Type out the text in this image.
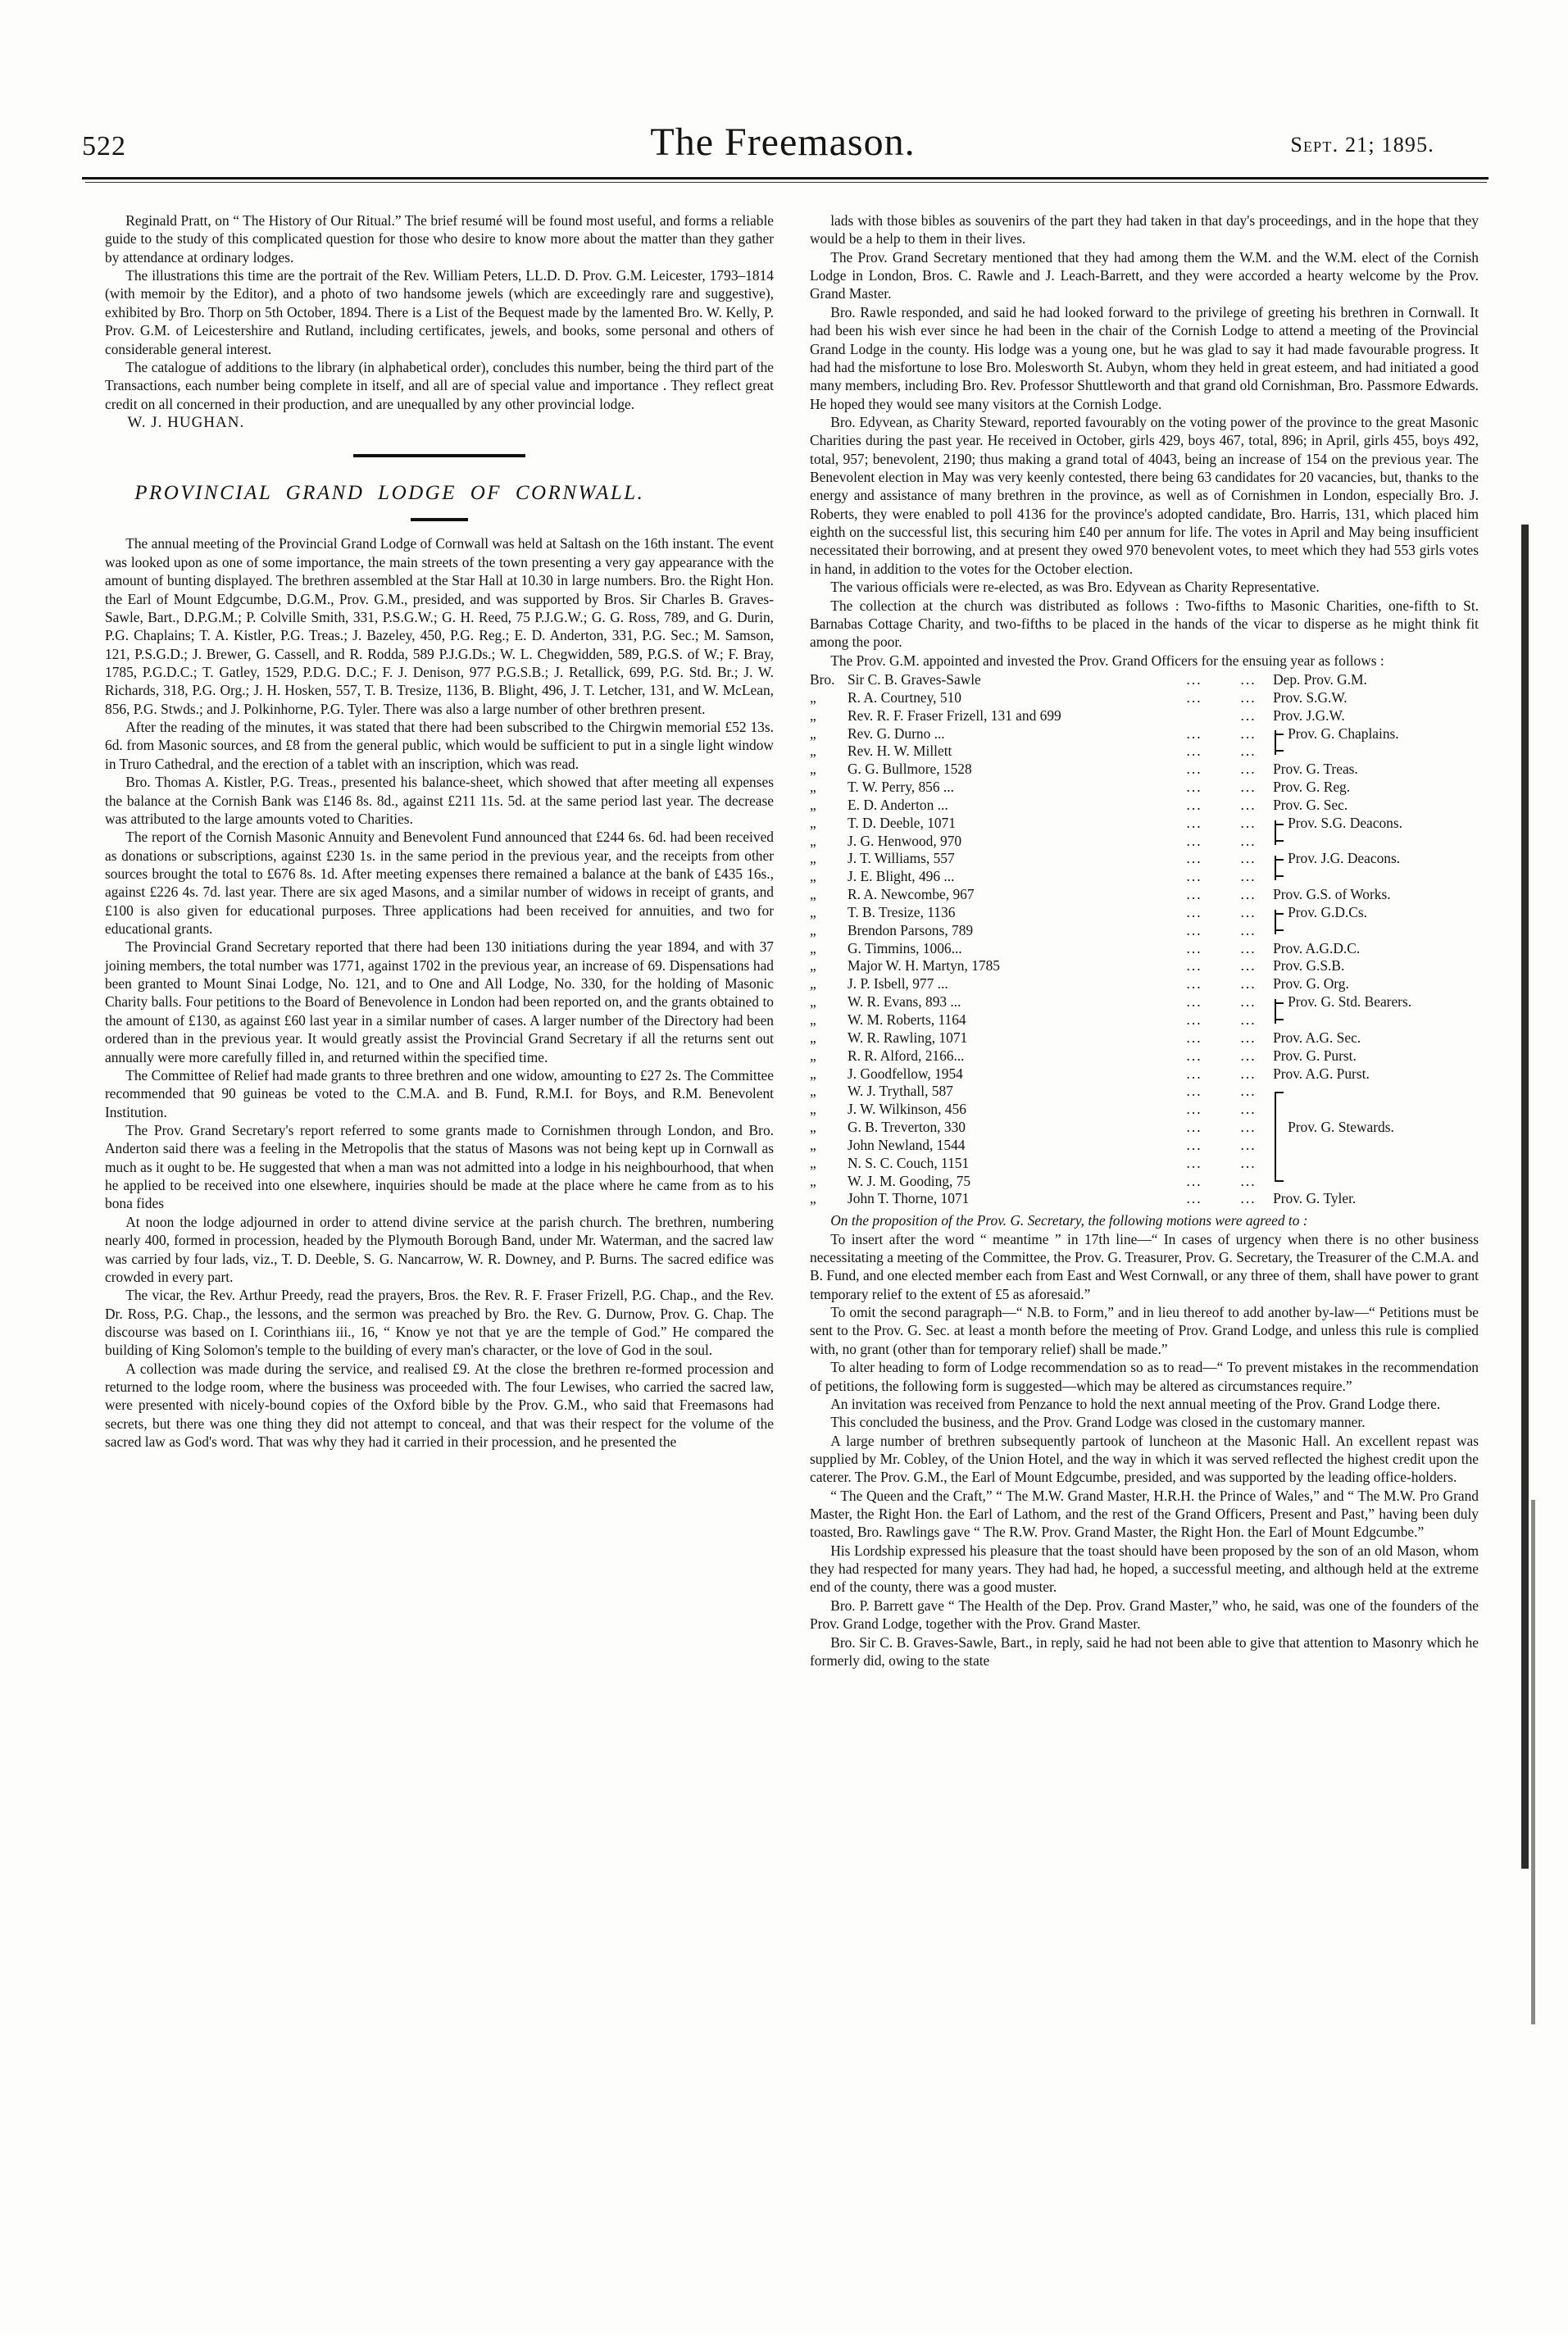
522	The Freemason.	Sept. 21; 1895.

Reginald Pratt, on “ The History of Our Ritual.” The brief resumé will be found most useful, and forms a reliable guide to the study of this complicated question for those who desire to know more about the matter than they gather by attendance at ordinary lodges.

The illustrations this time are the portrait of the Rev. William Peters, LL.D. D. Prov. G.M. Leicester, 1793–1814 (with memoir by the Editor), and a photo of two handsome jewels (which are exceedingly rare and suggestive), exhibited by Bro. Thorp on 5th October, 1894. There is a List of the Bequest made by the lamented Bro. W. Kelly, P. Prov. G.M. of Leicestershire and Rutland, including certificates, jewels, and books, some personal and others of considerable general interest.

The catalogue of additions to the library (in alphabetical order), concludes this number, being the third part of the Transactions, each number being complete in itself, and all are of special value and importance . They reflect great credit on all concerned in their production, and are unequalled by any other provincial lodge.

W. J. HUGHAN.

PROVINCIAL GRAND LODGE OF CORNWALL.

The annual meeting of the Provincial Grand Lodge of Cornwall was held at Saltash on the 16th instant. The event was looked upon as one of some importance, the main streets of the town presenting a very gay appearance with the amount of bunting displayed. The brethren assembled at the Star Hall at 10.30 in large numbers. Bro. the Right Hon. the Earl of Mount Edgcumbe, D.G.M., Prov. G.M., presided, and was supported by Bros. Sir Charles B. Graves-Sawle, Bart., D.P.G.M.; P. Colville Smith, 331, P.S.G.W.; G. H. Reed, 75 P.J.G.W.; G. G. Ross, 789, and G. Durin, P.G. Chaplains; T. A. Kistler, P.G. Treas.; J. Bazeley, 450, P.G. Reg.; E. D. Anderton, 331, P.G. Sec.; M. Samson, 121, P.S.G.D.; J. Brewer, G. Cassell, and R. Rodda, 589 P.J.G.Ds.; W. L. Chegwidden, 589, P.G.S. of W.; F. Bray, 1785, P.G.D.C.; T. Gatley, 1529, P.D.G. D.C.; F. J. Denison, 977 P.G.S.B.; J. Retallick, 699, P.G. Std. Br.; J. W. Richards, 318, P.G. Org.; J. H. Hosken, 557, T. B. Tresize, 1136, B. Blight, 496, J. T. Letcher, 131, and W. McLean, 856, P.G. Stwds.; and J. Polkinhorne, P.G. Tyler. There was also a large number of other brethren present.

After the reading of the minutes, it was stated that there had been subscribed to the Chirgwin memorial £52 13s. 6d. from Masonic sources, and £8 from the general public, which would be sufficient to put in a single light window in Truro Cathedral, and the erection of a tablet with an inscription, which was read.

Bro. Thomas A. Kistler, P.G. Treas., presented his balance-sheet, which showed that after meeting all expenses the balance at the Cornish Bank was £146 8s. 8d., against £211 11s. 5d. at the same period last year. The decrease was attributed to the large amounts voted to Charities.

The report of the Cornish Masonic Annuity and Benevolent Fund announced that £244 6s. 6d. had been received as donations or subscriptions, against £230 1s. in the same period in the previous year, and the receipts from other sources brought the total to £676 8s. 1d. After meeting expenses there remained a balance at the bank of £435 16s., against £226 4s. 7d. last year. There are six aged Masons, and a similar number of widows in receipt of grants, and £100 is also given for educational purposes. Three applications had been received for annuities, and two for educational grants.

The Provincial Grand Secretary reported that there had been 130 initiations during the year 1894, and with 37 joining members, the total number was 1771, against 1702 in the previous year, an increase of 69. Dispensations had been granted to Mount Sinai Lodge, No. 121, and to One and All Lodge, No. 330, for the holding of Masonic Charity balls. Four petitions to the Board of Benevolence in London had been reported on, and the grants obtained to the amount of £130, as against £60 last year in a similar number of cases. A larger number of the Directory had been ordered than in the previous year. It would greatly assist the Provincial Grand Secretary if all the returns sent out annually were more carefully filled in, and returned within the specified time.

The Committee of Relief had made grants to three brethren and one widow, amounting to £27 2s. The Committee recommended that 90 guineas be voted to the C.M.A. and B. Fund, R.M.I. for Boys, and R.M. Benevolent Institution.

The Prov. Grand Secretary's report referred to some grants made to Cornishmen through London, and Bro. Anderton said there was a feeling in the Metropolis that the status of Masons was not being kept up in Cornwall as much as it ought to be. He suggested that when a man was not admitted into a lodge in his neighbourhood, that when he applied to be received into one elsewhere, inquiries should be made at the place where he came from as to his bona fides

At noon the lodge adjourned in order to attend divine service at the parish church. The brethren, numbering nearly 400, formed in procession, headed by the Plymouth Borough Band, under Mr. Waterman, and the sacred law was carried by four lads, viz., T. D. Deeble, S. G. Nancarrow, W. R. Downey, and P. Burns. The sacred edifice was crowded in every part.

The vicar, the Rev. Arthur Preedy, read the prayers, Bros. the Rev. R. F. Fraser Frizell, P.G. Chap., and the Rev. Dr. Ross, P.G. Chap., the lessons, and the sermon was preached by Bro. the Rev. G. Durnow, Prov. G. Chap. The discourse was based on I. Corinthians iii., 16, “ Know ye not that ye are the temple of God.” He compared the building of King Solomon's temple to the building of every man's character, or the love of God in the soul.

A collection was made during the service, and realised £9. At the close the brethren re-formed procession and returned to the lodge room, where the business was proceeded with. The four Lewises, who carried the sacred law, were presented with nicely-bound copies of the Oxford bible by the Prov. G.M., who said that Freemasons had secrets, but there was one thing they did not attempt to conceal, and that was their respect for the volume of the sacred law as God's word. That was why they had it carried in their procession, and he presented the

lads with those bibles as souvenirs of the part they had taken in that day's proceedings, and in the hope that they would be a help to them in their lives.

The Prov. Grand Secretary mentioned that they had among them the W.M. and the W.M. elect of the Cornish Lodge in London, Bros. C. Rawle and J. Leach-Barrett, and they were accorded a hearty welcome by the Prov. Grand Master.

Bro. Rawle responded, and said he had looked forward to the privilege of greeting his brethren in Cornwall. It had been his wish ever since he had been in the chair of the Cornish Lodge to attend a meeting of the Provincial Grand Lodge in the county. His lodge was a young one, but he was glad to say it had made favourable progress. It had had the misfortune to lose Bro. Molesworth St. Aubyn, whom they held in great esteem, and had initiated a good many members, including Bro. Rev. Professor Shuttleworth and that grand old Cornishman, Bro. Passmore Edwards. He hoped they would see many visitors at the Cornish Lodge.

Bro. Edyvean, as Charity Steward, reported favourably on the voting power of the province to the great Masonic Charities during the past year. He received in October, girls 429, boys 467, total, 896; in April, girls 455, boys 492, total, 957; benevolent, 2190; thus making a grand total of 4043, being an increase of 154 on the previous year. The Benevolent election in May was very keenly contested, there being 63 candidates for 20 vacancies, but, thanks to the energy and assistance of many brethren in the province, as well as of Cornishmen in London, especially Bro. J. Roberts, they were enabled to poll 4136 for the province's adopted candidate, Bro. Harris, 131, which placed him eighth on the successful list, this securing him £40 per annum for life. The votes in April and May being insufficient necessitated their borrowing, and at present they owed 970 benevolent votes, to meet which they had 553 girls votes in hand, in addition to the votes for the October election.

The various officials were re-elected, as was Bro. Edyvean as Charity Representative.

The collection at the church was distributed as follows : Two-fifths to Masonic Charities, one-fifth to St. Barnabas Cottage Charity, and two-fifths to be placed in the hands of the vicar to disperse as he might think fit among the poor.

The Prov. G.M. appointed and invested the Prov. Grand Officers for the ensuing year as follows :

Bro.	Sir C. B. Graves-Sawle	...	...	Dep. Prov. G.M.
„	R. A. Courtney, 510	...	...	Prov. S.G.W.
„	Rev. R. F. Fraser Frizell, 131 and 699		...	Prov. J.G.W.
„	Rev. G. Durno ...	...	...	Prov. G. Chaplains.
„	Rev. H. W. Millett	...	...	

„	G. G. Bullmore, 1528	...	...	Prov. G. Treas.
„	T. W. Perry, 856 ...	...	...	Prov. G. Reg.
„	E. D. Anderton ...	...	...	Prov. G. Sec.
„	T. D. Deeble, 1071	...	...	Prov. S.G. Deacons.
„	J. G. Henwood, 970	...	...	

„	J. T. Williams, 557	...	...	Prov. J.G. Deacons.
„	J. E. Blight, 496 ...	...	...	

„	R. A. Newcombe, 967	...	...	Prov. G.S. of Works.
„	T. B. Tresize, 1136	...	...	Prov. G.D.Cs.
„	Brendon Parsons, 789	...	...	

„	G. Timmins, 1006...	...	...	Prov. A.G.D.C.
„	Major W. H. Martyn, 1785	...	...	Prov. G.S.B.
„	J. P. Isbell, 977 ...	...	...	Prov. G. Org.
„	W. R. Evans, 893 ...	...	...	Prov. G. Std. Bearers.
„	W. M. Roberts, 1164	...	...	

„	W. R. Rawling, 1071	...	...	Prov. A.G. Sec.
„	R. R. Alford, 2166...	...	...	Prov. G. Purst.
„	J. Goodfellow, 1954	...	...	Prov. A.G. Purst.
„	W. J. Trythall, 587	...	...	

„	J. W. Wilkinson, 456	...	...	

„	G. B. Treverton, 330	...	...	Prov. G. Stewards.
„	John Newland, 1544	...	...	

„	N. S. C. Couch, 1151	...	...	

„	W. J. M. Gooding, 75	...	...	

„	John T. Thorne, 1071	...	...	Prov. G. Tyler.

On the proposition of the Prov. G. Secretary, the following motions were agreed to :

To insert after the word “ meantime ” in 17th line—“ In cases of urgency when there is no other business necessitating a meeting of the Committee, the Prov. G. Treasurer, Prov. G. Secretary, the Treasurer of the C.M.A. and B. Fund, and one elected member each from East and West Cornwall, or any three of them, shall have power to grant temporary relief to the extent of £5 as aforesaid.”

To omit the second paragraph—“ N.B. to Form,” and in lieu thereof to add another by-law—“ Petitions must be sent to the Prov. G. Sec. at least a month before the meeting of Prov. Grand Lodge, and unless this rule is complied with, no grant (other than for temporary relief) shall be made.”

To alter heading to form of Lodge recommendation so as to read—“ To prevent mistakes in the recommendation of petitions, the following form is suggested—which may be altered as circumstances require.”

An invitation was received from Penzance to hold the next annual meeting of the Prov. Grand Lodge there.

This concluded the business, and the Prov. Grand Lodge was closed in the customary manner.

A large number of brethren subsequently partook of luncheon at the Masonic Hall. An excellent repast was supplied by Mr. Cobley, of the Union Hotel, and the way in which it was served reflected the highest credit upon the caterer. The Prov. G.M., the Earl of Mount Edgcumbe, presided, and was supported by the leading office-holders.

“ The Queen and the Craft,” “ The M.W. Grand Master, H.R.H. the Prince of Wales,” and “ The M.W. Pro Grand Master, the Right Hon. the Earl of Lathom, and the rest of the Grand Officers, Present and Past,” having been duly toasted, Bro. Rawlings gave “ The R.W. Prov. Grand Master, the Right Hon. the Earl of Mount Edgcumbe.”

His Lordship expressed his pleasure that the toast should have been proposed by the son of an old Mason, whom they had respected for many years. They had had, he hoped, a successful meeting, and although held at the extreme end of the county, there was a good muster.

Bro. P. Barrett gave “ The Health of the Dep. Prov. Grand Master,” who, he said, was one of the founders of the Prov. Grand Lodge, together with the Prov. Grand Master.

Bro. Sir C. B. Graves-Sawle, Bart., in reply, said he had not been able to give that attention to Masonry which he formerly did, owing to the state
